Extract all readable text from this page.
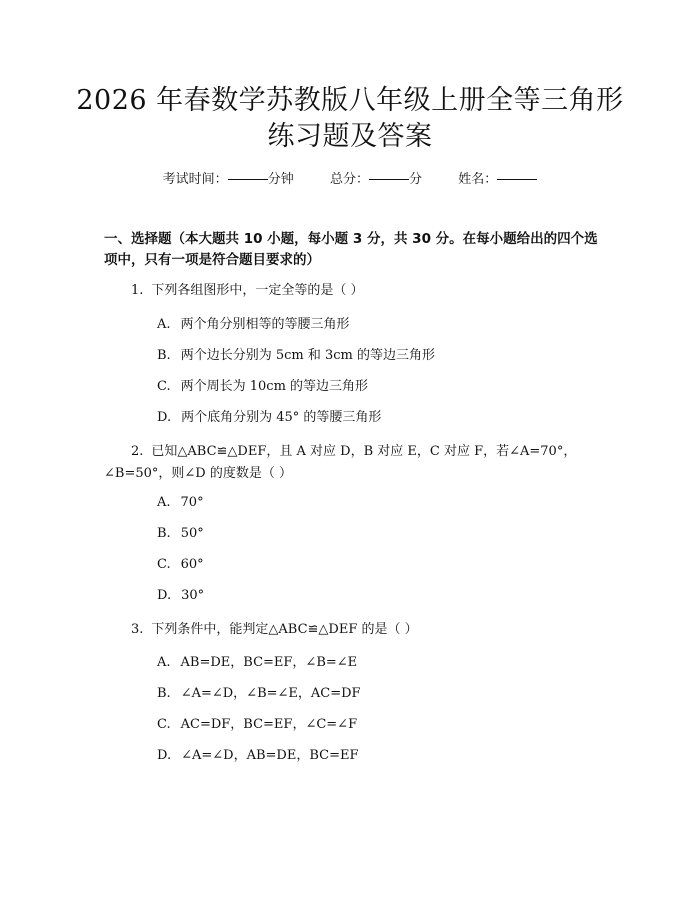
2026 年春数学苏教版八年级上册全等三角形
练习题及答案
考试时间：	分钟	总分：	分	姓名：
一、选择题（本大题共 10 小题，每小题 3 分，共 30 分。在每小题给出的四个选项中，只有一项是符合题目要求的）
1. 下列各组图形中，一定全等的是（ ）
A. 两个角分别相等的等腰三角形
B. 两个边长分别为 5cm 和 3cm 的等边三角形
C. 两个周长为 10cm 的等边三角形
D. 两个底角分别为 45° 的等腰三角形
2. 已知△ABC≌△DEF，且 A 对应 D，B 对应 E，C 对应 F，若∠A=70°，
∠B=50°，则∠D 的度数是（ ）
A. 70°
B. 50°
C. 60°
D. 30°
3. 下列条件中，能判定△ABC≌△DEF 的是（ ）
A. AB=DE，BC=EF，∠B=∠E
B. ∠A=∠D，∠B=∠E，AC=DF
C. AC=DF，BC=EF，∠C=∠F
D. ∠A=∠D，AB=DE，BC=EF
